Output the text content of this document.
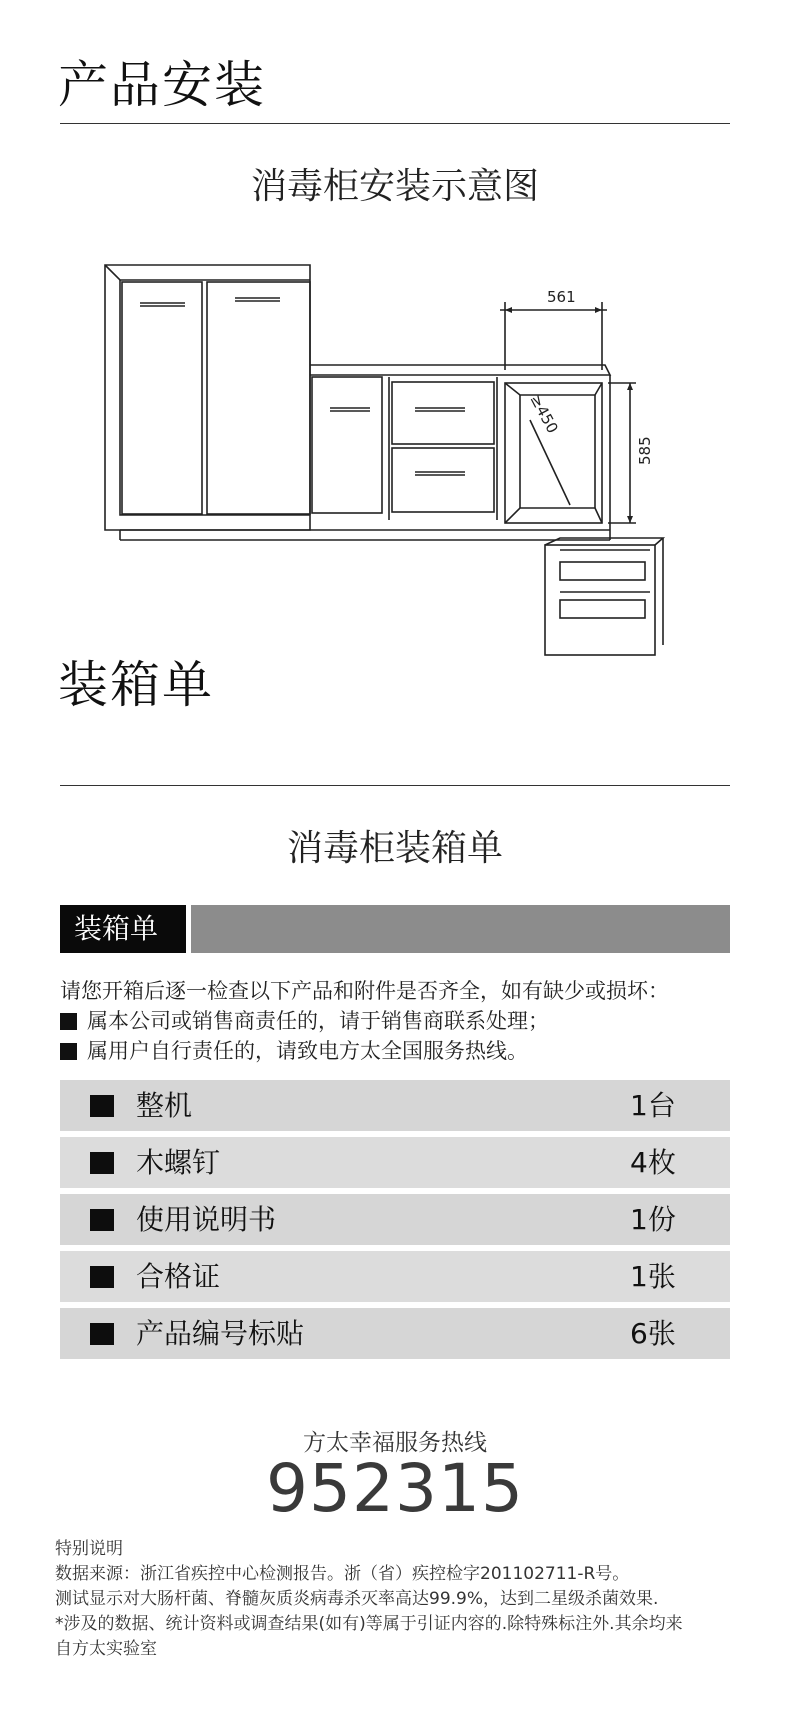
产品安装
消毒柜安装示意图
561
585
≥450
装箱单
消毒柜装箱单
装箱单
请您开箱后逐一检查以下产品和附件是否齐全，如有缺少或损坏：
属本公司或销售商责任的，请于销售商联系处理；
属用户自行责任的，请致电方太全国服务热线。
整机	1台
木螺钉	4枚
使用说明书	1份
合格证	1张
产品编号标贴	6张
方太幸福服务热线
952315
特别说明
数据来源：浙江省疾控中心检测报告。浙（省）疾控检字201102711-R号。
测试显示对大肠杆菌、脊髓灰质炎病毒杀灭率高达99.9%，达到二星级杀菌效果.
*涉及的数据、统计资料或调查结果(如有)等属于引证内容的.除特殊标注外.其余均来
自方太实验室
